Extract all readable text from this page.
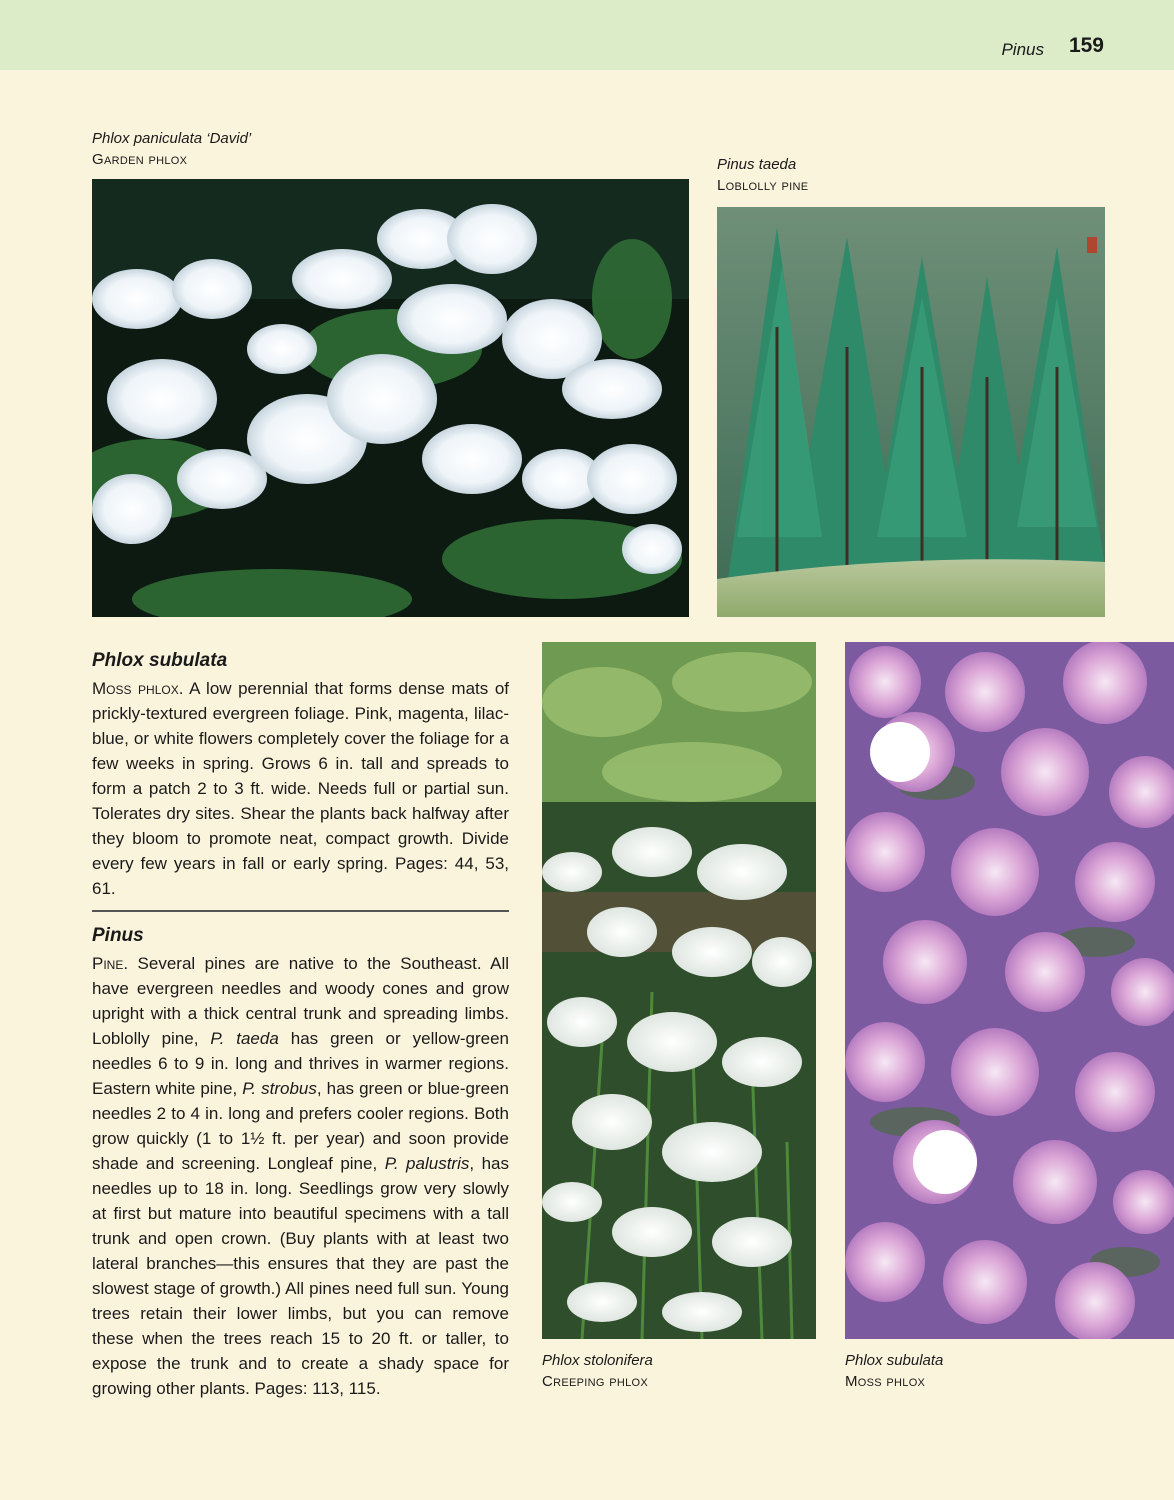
Pinus 159
Phlox paniculata ‘David’
Garden phlox	Pinus taeda
Loblolly pine
Phlox subulata

Moss phlox. A low perennial that forms dense mats of prickly-textured evergreen foliage. Pink, magenta, lilac-blue, or white flowers completely cover the foliage for a few weeks in spring. Grows 6 in. tall and spreads to form a patch 2 to 3 ft. wide. Needs full or partial sun. Tolerates dry sites. Shear the plants back halfway after they bloom to promote neat, compact growth. Divide every few years in fall or early spring. Pages: 44, 53, 61.

Pinus

Pine. Several pines are native to the Southeast. All have evergreen needles and woody cones and grow upright with a thick central trunk and spreading limbs. Loblolly pine, P. taeda has green or yellow-green needles 6 to 9 in. long and thrives in warmer regions. Eastern white pine, P. strobus, has green or blue-green needles 2 to 4 in. long and prefers cooler regions. Both grow quickly (1 to 1½ ft. per year) and soon provide shade and screening. Longleaf pine, P. palustris, has needles up to 18 in. long. Seedlings grow very slowly at first but mature into beautiful specimens with a tall trunk and open crown. (Buy plants with at least two lateral branches—this ensures that they are past the slowest stage of growth.) All pines need full sun. Young trees retain their lower limbs, but you can remove these when the trees reach 15 to 20 ft. or taller, to expose the trunk and to create a shady space for growing other plants. Pages: 113, 115.

Phlox stolonifera
Creeping phlox
Phlox subulata
Moss phlox
